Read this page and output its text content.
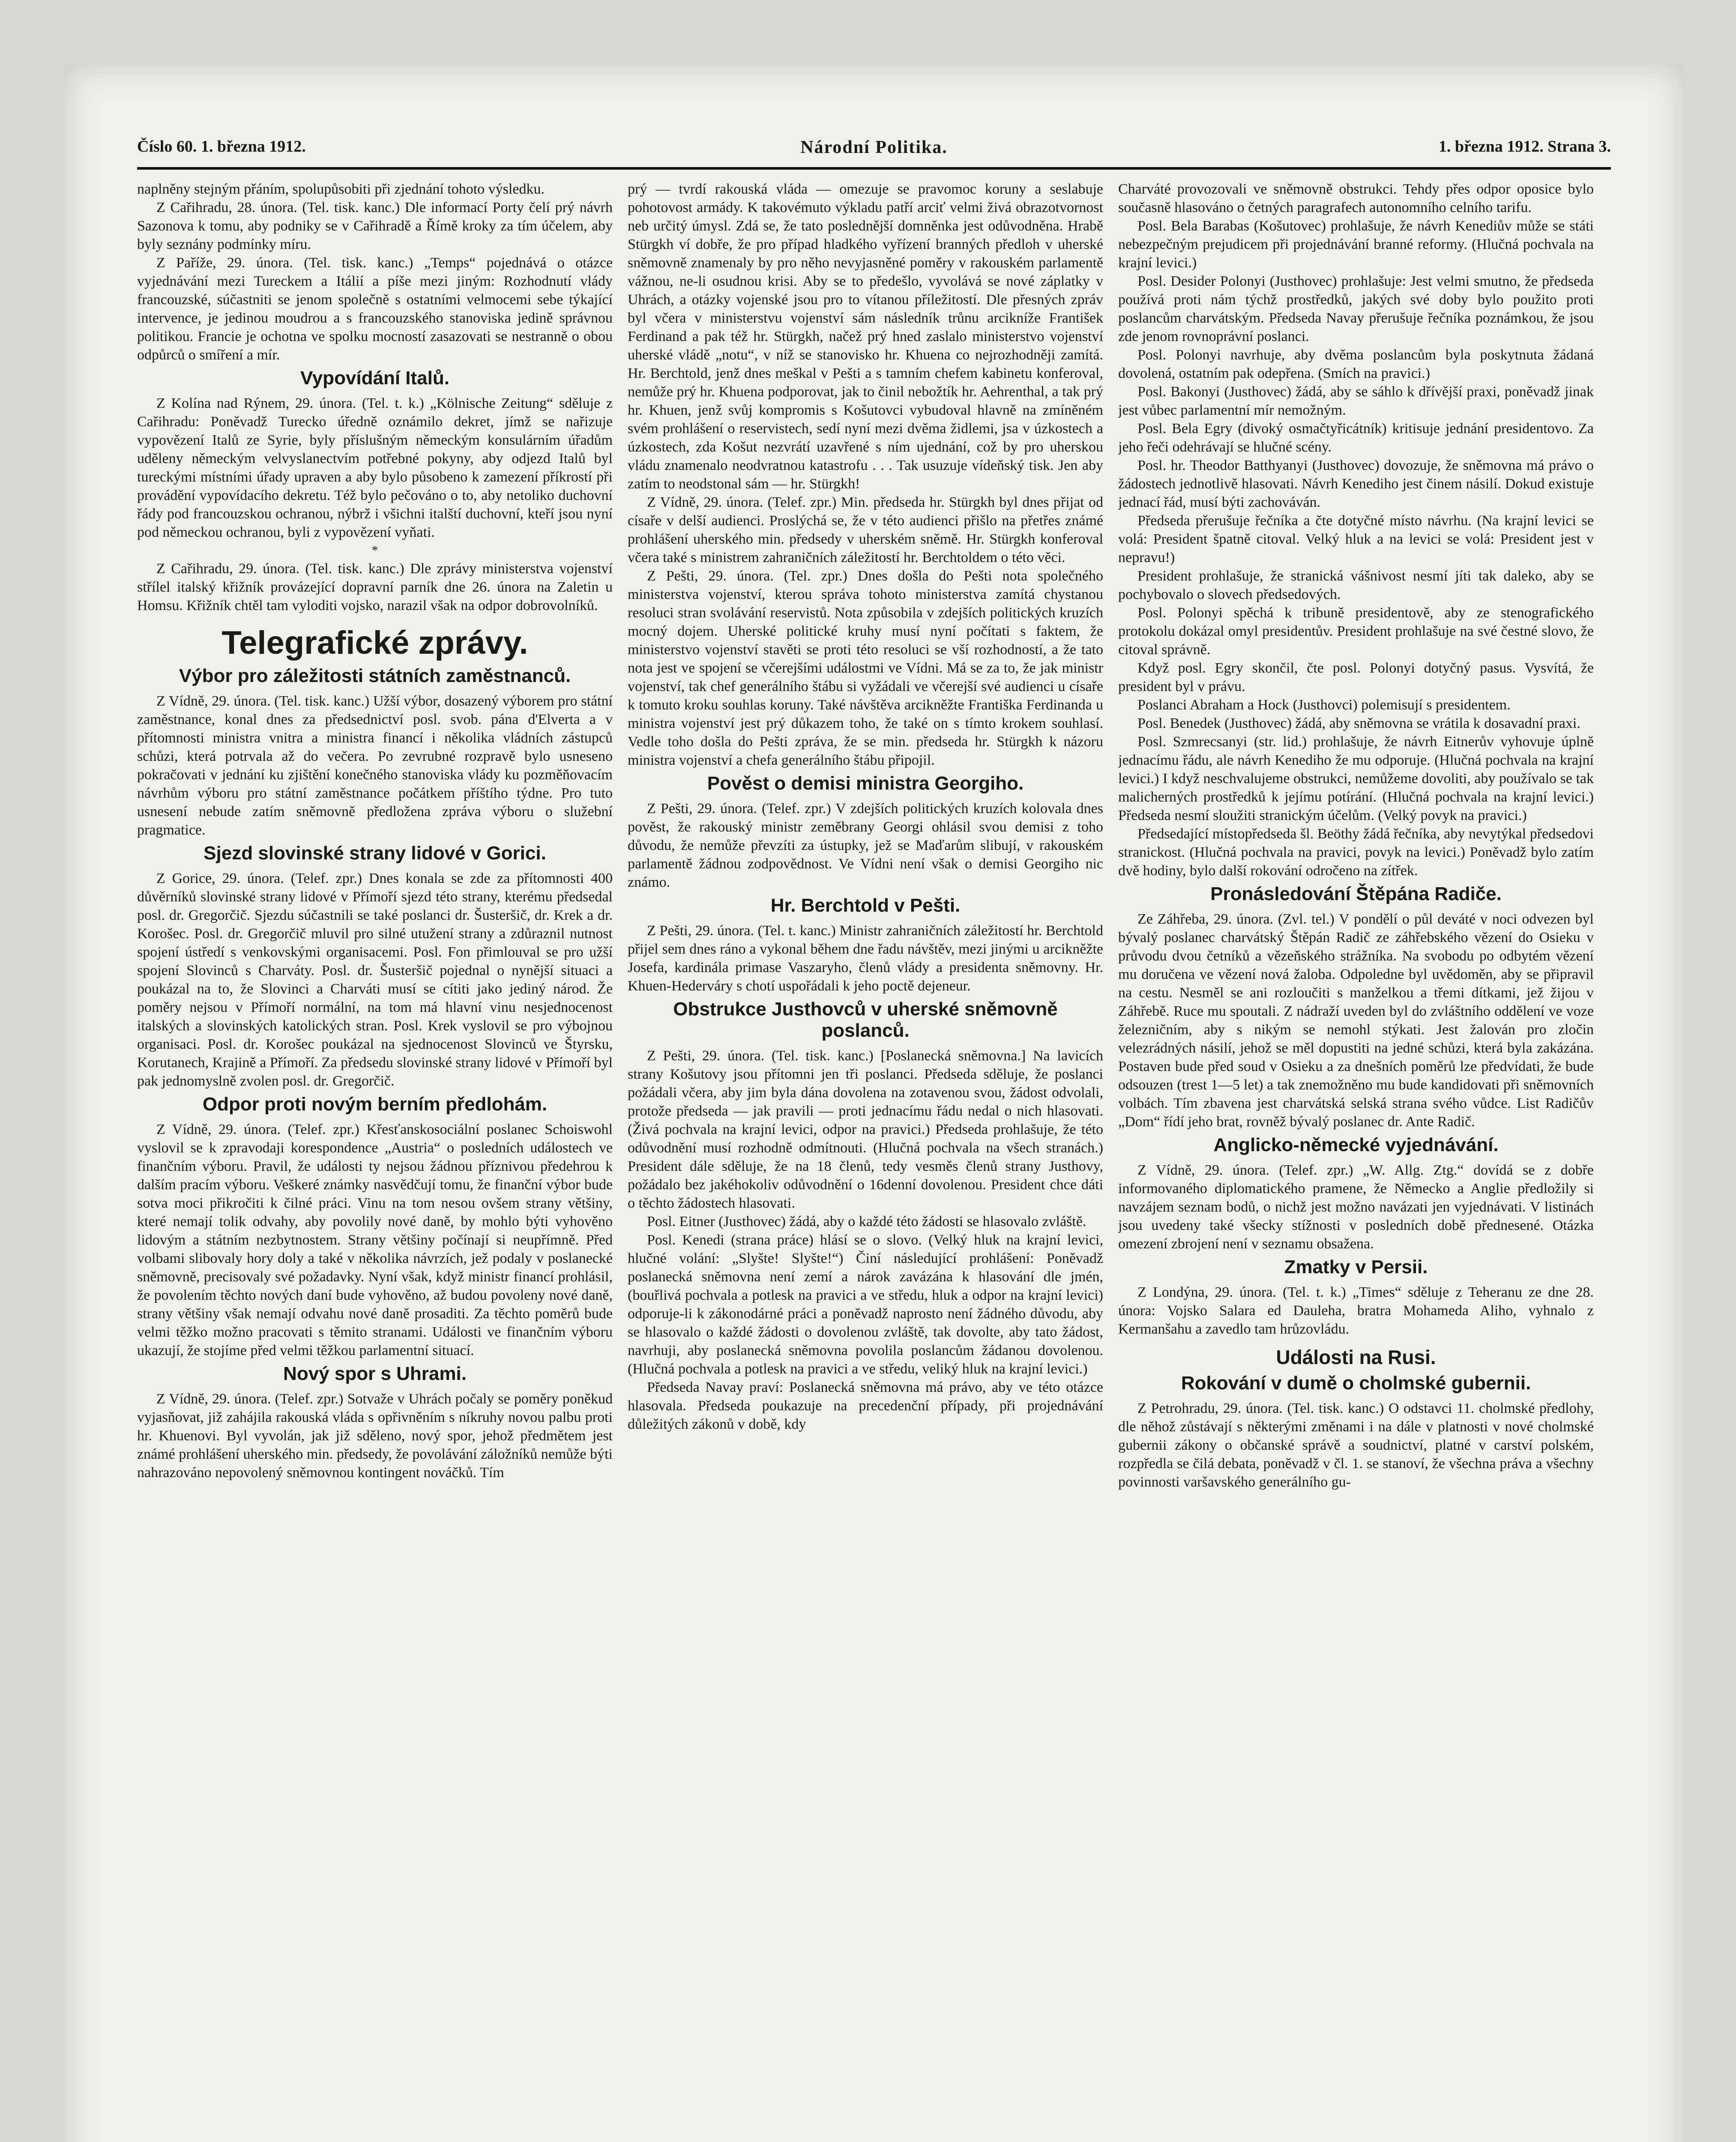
Číslo 60. 1. března 1912.	Národní Politika.	1. března 1912. Strana 3.

naplněny stejným přáním, spolupůsobiti při zjednání tohoto výsledku.

Z Cařihradu, 28. února. (Tel. tisk. kanc.) Dle informací Porty čelí prý návrh Sazonova k tomu, aby podniky se v Cařihradě a Římě kroky za tím účelem, aby byly seznány podmínky míru.

Z Paříže, 29. února. (Tel. tisk. kanc.) „Temps“ pojednává o otázce vyjednávání mezi Tureckem a Itálií a píše mezi jiným: Rozhodnutí vlády francouzské, súčastniti se jenom společně s ostatními velmocemi sebe týkající intervence, je jedinou moudrou a s francouzského stanoviska jedině správnou politikou. Francie je ochotna ve spolku mocností zasazovati se nestranně o obou odpůrců o smíření a mír.

Vypovídání Italů.

Z Kolína nad Rýnem, 29. února. (Tel. t. k.) „Kölnische Zeitung“ sděluje z Cařihradu: Poněvadž Turecko úředně oznámilo dekret, jímž se nařizuje vypovězení Italů ze Syrie, byly příslušným německým konsulárním úřadům uděleny německým velvyslanectvím potřebné pokyny, aby odjezd Italů byl tureckými místními úřady upraven a aby bylo působeno k zamezení příkrostí při provádění vypovídacího dekretu. Též bylo pečováno o to, aby netoliko duchovní řády pod francouzskou ochranou, nýbrž i všichni italští duchovní, kteří jsou nyní pod německou ochranou, byli z vypovězení vyňati.

*

Z Cařihradu, 29. února. (Tel. tisk. kanc.) Dle zprávy ministerstva vojenství střílel italský křižník provázející dopravní parník dne 26. února na Zaletin u Homsu. Křižník chtěl tam vyloditi vojsko, narazil však na odpor dobrovolníků.

Telegrafické zprávy.
Výbor pro záležitosti státních zaměstnanců.

Z Vídně, 29. února. (Tel. tisk. kanc.) Užší výbor, dosazený výborem pro státní zaměstnance, konal dnes za předsednictví posl. svob. pána d'Elverta a v přítomnosti ministra vnitra a ministra financí i několika vládních zástupců schůzi, která potrvala až do večera. Po zevrubné rozpravě bylo usneseno pokračovati v jednání ku zjištění konečného stanoviska vlády ku pozměňovacím návrhům výboru pro státní zaměstnance počátkem příštího týdne. Pro tuto usnesení nebude zatím sněmovně předložena zpráva výboru o služební pragmatice.

Sjezd slovinské strany lidové v Gorici.

Z Gorice, 29. února. (Telef. zpr.) Dnes konala se zde za přítomnosti 400 důvěrníků slovinské strany lidové v Přímoří sjezd této strany, kterému předsedal posl. dr. Gregorčič. Sjezdu súčastnili se také poslanci dr. Šusteršič, dr. Krek a dr. Korošec. Posl. dr. Gregorčič mluvil pro silné utužení strany a zdůraznil nutnost spojení ústředí s venkovskými organisacemi. Posl. Fon přimlouval se pro užší spojení Slovinců s Charváty. Posl. dr. Šusteršič pojednal o nynější situaci a poukázal na to, že Slovinci a Charváti musí se cítiti jako jediný národ. Že poměry nejsou v Přímoří normální, na tom má hlavní vinu nesjednocenost italských a slovinských katolických stran. Posl. Krek vyslovil se pro výbojnou organisaci. Posl. dr. Korošec poukázal na sjednocenost Slovinců ve Štyrsku, Korutanech, Krajině a Přímoří. Za předsedu slovinské strany lidové v Přímoří byl pak jednomyslně zvolen posl. dr. Gregorčič.

Odpor proti novým berním předlohám.

Z Vídně, 29. února. (Telef. zpr.) Křesťanskosociální poslanec Schoiswohl vyslovil se k zpravodaji korespondence „Austria“ o posledních událostech ve finančním výboru. Pravil, že události ty nejsou žádnou příznivou předehrou k dalším pracím výboru. Veškeré známky nasvědčují tomu, že finanční výbor bude sotva moci přikročiti k čilné práci. Vinu na tom nesou ovšem strany většiny, které nemají tolik odvahy, aby povolily nové daně, by mohlo býti vyhověno lidovým a státním nezbytnostem. Strany většiny počínají si neupřímně. Před volbami slibovaly hory doly a také v několika návrzích, jež podaly v poslanecké sněmovně, precisovaly své požadavky. Nyní však, když ministr financí prohlásil, že povolením těchto nových daní bude vyhověno, až budou povoleny nové daně, strany většiny však nemají odvahu nové daně prosaditi. Za těchto poměrů bude velmi těžko možno pracovati s těmito stranami. Události ve finančním výboru ukazují, že stojíme před velmi těžkou parlamentní situací.

Nový spor s Uhrami.

Z Vídně, 29. února. (Telef. zpr.) Sotvaže v Uhrách počaly se poměry poněkud vyjasňovat, již zahájila rakouská vláda s opřivněním s níkruhy novou palbu proti hr. Khuenovi. Byl vyvolán, jak již sděleno, nový spor, jehož předmětem jest známé prohlášení uherského min. předsedy, že povolávání záložníků nemůže býti nahrazováno nepovolený sněmovnou kontingent nováčků. Tím

prý — tvrdí rakouská vláda — omezuje se pravomoc koruny a seslabuje pohotovost armády. K takovémuto výkladu patří arciť velmi živá obrazotvornost neb určitý úmysl. Zdá se, že tato poslednější domněnka jest odůvodněna. Hrabě Stürgkh ví dobře, že pro případ hladkého vyřízení branných předloh v uherské sněmovně znamenaly by pro něho nevyjasněné poměry v rakouském parlamentě vážnou, ne-li osudnou krisi. Aby se to předešlo, vyvolává se nové záplatky v Uhrách, a otázky vojenské jsou pro to vítanou příležitostí. Dle přesných zpráv byl včera v ministerstvu vojenství sám následník trůnu arcikníže František Ferdinand a pak též hr. Stürgkh, načež prý hned zaslalo ministerstvo vojenství uherské vládě „notu“, v níž se stanovisko hr. Khuena co nejrozhodněji zamítá. Hr. Berchtold, jenž dnes meškal v Pešti a s tamním chefem kabinetu konferoval, nemůže prý hr. Khuena podporovat, jak to činil nebožtík hr. Aehrenthal, a tak prý hr. Khuen, jenž svůj kompromis s Košutovci vybudoval hlavně na zmíněném svém prohlášení o reservistech, sedí nyní mezi dvěma židlemi, jsa v úzkostech a úzkostech, zda Košut nezvrátí uzavřené s ním ujednání, což by pro uherskou vládu znamenalo neodvratnou katastrofu . . . Tak usuzuje vídeňský tisk. Jen aby zatím to neodstonal sám — hr. Stürgkh!

Z Vídně, 29. února. (Telef. zpr.) Min. předseda hr. Stürgkh byl dnes přijat od císaře v delší audienci. Proslýchá se, že v této audienci přišlo na přetřes známé prohlášení uherského min. předsedy v uherském sněmě. Hr. Stürgkh konferoval včera také s ministrem zahraničních záležitostí hr. Berchtoldem o této věci.

Z Pešti, 29. února. (Tel. zpr.) Dnes došla do Pešti nota společného ministerstva vojenství, kterou správa tohoto ministerstva zamítá chystanou resoluci stran svolávání reservistů. Nota způsobila v zdejších politických kruzích mocný dojem. Uherské politické kruhy musí nyní počítati s faktem, že ministerstvo vojenství stavěti se proti této resoluci se vší rozhodností, a že tato nota jest ve spojení se včerejšími událostmi ve Vídni. Má se za to, že jak ministr vojenství, tak chef generálního štábu si vyžádali ve včerejší své audienci u císaře k tomuto kroku souhlas koruny. Také návštěva arcikněžte Františka Ferdinanda u ministra vojenství jest prý důkazem toho, že také on s tímto krokem souhlasí. Vedle toho došla do Pešti zpráva, že se min. předseda hr. Stürgkh k názoru ministra vojenství a chefa generálního štábu připojil.

Pověst o demisi ministra Georgiho.

Z Pešti, 29. února. (Telef. zpr.) V zdejších politických kruzích kolovala dnes pověst, že rakouský ministr zeměbrany Georgi ohlásil svou demisi z toho důvodu, že nemůže převzíti za ústupky, jež se Maďarům slibují, v rakouském parlamentě žádnou zodpovědnost. Ve Vídni není však o demisi Georgiho nic známo.

Hr. Berchtold v Pešti.

Z Pešti, 29. února. (Tel. t. kanc.) Ministr zahraničních záležitostí hr. Berchtold přijel sem dnes ráno a vykonal během dne řadu návštěv, mezi jinými u arcikněžte Josefa, kardinála primase Vaszaryho, členů vlády a presidenta sněmovny. Hr. Khuen-Hederváry s chotí uspořádali k jeho poctě dejeneur.

Obstrukce Justhovců v uherské sněmovně poslanců.

Z Pešti, 29. února. (Tel. tisk. kanc.) [Poslanecká sněmovna.] Na lavicích strany Košutovy jsou přítomni jen tři poslanci. Předseda sděluje, že poslanci požádali včera, aby jim byla dána dovolena na zotavenou svou, žádost odvolali, protože předseda — jak pravili — proti jednacímu řádu nedal o nich hlasovati. (Živá pochvala na krajní levici, odpor na pravici.) Předseda prohlašuje, že této odůvodnění musí rozhodně odmítnouti. (Hlučná pochvala na všech stranách.) President dále sděluje, že na 18 členů, tedy vesměs členů strany Justhovy, požádalo bez jakéhokoliv odůvodnění o 16denní dovolenou. President chce dáti o těchto žádostech hlasovati.

Posl. Eitner (Justhovec) žádá, aby o každé této žádosti se hlasovalo zvláště.

Posl. Kenedi (strana práce) hlásí se o slovo. (Velký hluk na krajní levici, hlučné volání: „Slyšte! Slyšte!“) Činí následující prohlášení: Poněvadž poslanecká sněmovna není zemí a nárok zavázána k hlasování dle jmén, (bouřlivá pochvala a potlesk na pravici a ve středu, hluk a odpor na krajní levici) odporuje-li k zákonodárné práci a poněvadž naprosto není žádného důvodu, aby se hlasovalo o každé žádosti o dovolenou zvláště, tak dovolte, aby tato žádost, navrhuji, aby poslanecká sněmovna povolila poslancům žádanou dovolenou. (Hlučná pochvala a potlesk na pravici a ve středu, veliký hluk na krajní levici.)

Předseda Navay praví: Poslanecká sněmovna má právo, aby ve této otázce hlasovala. Předseda poukazuje na precedenční případy, při projednávání důležitých zákonů v době, kdy

Charváté provozovali ve sněmovně obstrukci. Tehdy přes odpor oposice bylo současně hlasováno o četných paragrafech autonomního celního tarifu.

Posl. Bela Barabas (Košutovec) prohlašuje, že návrh Kenediův může se státi nebezpečným prejudicem při projednávání branné reformy. (Hlučná pochvala na krajní levici.)

Posl. Desider Polonyi (Justhovec) prohlašuje: Jest velmi smutno, že předseda používá proti nám týchž prostředků, jakých své doby bylo použito proti poslancům charvátským. Předseda Navay přerušuje řečníka poznámkou, že jsou zde jenom rovnoprávní poslanci.

Posl. Polonyi navrhuje, aby dvěma poslancům byla poskytnuta žádaná dovolená, ostatním pak odepřena. (Smích na pravici.)

Posl. Bakonyi (Justhovec) žádá, aby se sáhlo k dřívější praxi, poněvadž jinak jest vůbec parlamentní mír nemožným.

Posl. Bela Egry (divoký osmačtyřicátník) kritisuje jednání presidentovo. Za jeho řeči odehrávají se hlučné scény.

Posl. hr. Theodor Batthyanyi (Justhovec) dovozuje, že sněmovna má právo o žádostech jednotlivě hlasovati. Návrh Kenediho jest činem násilí. Dokud existuje jednací řád, musí býti zachováván.

Předseda přerušuje řečníka a čte dotyčné místo návrhu. (Na krajní levici se volá: President špatně citoval. Velký hluk a na levici se volá: President jest v nepravu!)

President prohlašuje, že stranická vášnivost nesmí jíti tak daleko, aby se pochybovalo o slovech předsedových.

Posl. Polonyi spěchá k tribuně presidentově, aby ze stenografického protokolu dokázal omyl presidentův. President prohlašuje na své čestné slovo, že citoval správně.

Když posl. Egry skončil, čte posl. Polonyi dotyčný pasus. Vysvítá, že president byl v právu.

Poslanci Abraham a Hock (Justhovci) polemisují s presidentem.

Posl. Benedek (Justhovec) žádá, aby sněmovna se vrátila k dosavadní praxi.

Posl. Szmrecsanyi (str. lid.) prohlašuje, že návrh Eitnerův vyhovuje úplně jednacímu řádu, ale návrh Kenediho že mu odporuje. (Hlučná pochvala na krajní levici.) I když neschvalujeme obstrukci, nemůžeme dovoliti, aby používalo se tak malicherných prostředků k jejímu potírání. (Hlučná pochvala na krajní levici.) Předseda nesmí sloužiti stranickým účelům. (Velký povyk na pravici.)

Předsedající místopředseda šl. Beöthy žádá řečníka, aby nevytýkal předsedovi stranickost. (Hlučná pochvala na pravici, povyk na levici.) Poněvadž bylo zatím dvě hodiny, bylo další rokování odročeno na zítřek.

Pronásledování Štěpána Radiče.

Ze Záhřeba, 29. února. (Zvl. tel.) V pondělí o půl deváté v noci odvezen byl bývalý poslanec charvátský Štěpán Radič ze záhřebského vězení do Osieku v průvodu dvou četníků a vězeňského strážníka. Na svobodu po odbytém vězení mu doručena ve vězení nová žaloba. Odpoledne byl uvědoměn, aby se připravil na cestu. Nesměl se ani rozloučiti s manželkou a třemi dítkami, jež žijou v Záhřebě. Ruce mu spoutali. Z nádraží uveden byl do zvláštního oddělení ve voze železničním, aby s nikým se nemohl stýkati. Jest žalován pro zločin velezrádných násilí, jehož se měl dopustiti na jedné schůzi, která byla zakázána. Postaven bude před soud v Osieku a za dnešních poměrů lze předvídati, že bude odsouzen (trest 1—5 let) a tak znemožněno mu bude kandidovati při sněmovních volbách. Tím zbavena jest charvátská selská strana svého vůdce. List Radičův „Dom“ řídí jeho brat, rovněž bývalý poslanec dr. Ante Radič.

Anglicko-německé vyjednávání.

Z Vídně, 29. února. (Telef. zpr.) „W. Allg. Ztg.“ dovídá se z dobře informovaného diplomatického pramene, že Německo a Anglie předložily si navzájem seznam bodů, o nichž jest možno navázati jen vyjednávati. V listinách jsou uvedeny také všecky stížnosti v posledních době přednesené. Otázka omezení zbrojení není v seznamu obsažena.

Zmatky v Persii.

Z Londýna, 29. února. (Tel. t. k.) „Times“ sděluje z Teheranu ze dne 28. února: Vojsko Salara ed Dauleha, bratra Mohameda Aliho, vyhnalo z Kermanšahu a zavedlo tam hrůzovládu.

Události na Rusi.
Rokování v dumě o cholmské gubernii.

Z Petrohradu, 29. února. (Tel. tisk. kanc.) O odstavci 11. cholmské předlohy, dle něhož zůstávají s některými změnami i na dále v platnosti v nové cholmské gubernii zákony o občanské správě a soudnictví, platné v carství polském, rozpředla se čilá debata, poněvadž v čl. 1. se stanoví, že všechna práva a všechny povinnosti varšavského generálního gu-
